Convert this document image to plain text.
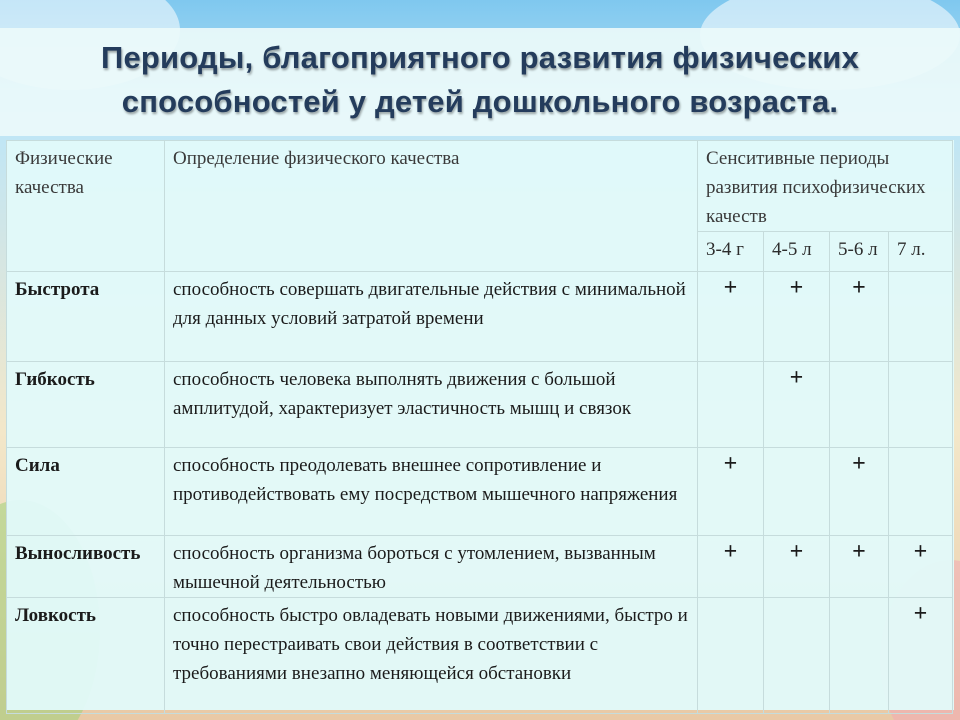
Периоды, благоприятного развития физических
способностей у детей дошкольного возраста.
Физические качества	Определение физического качества	Сенситивные периоды развития психофизических качеств			
		3-4 г	4-5 л	5-6 л	7 л.
Быстрота	способность совершать двигательные действия с минимальной для данных условий затратой времени	+	+	+	
Гибкость	способность человека выполнять движения с большой амплитудой, характеризует эластичность мышц и связок		+		
Сила	способность преодолевать внешнее сопротивление и противодействовать ему посредством мышечного напряжения	+		+	
Выносливость	способность организма бороться с утомлением, вызванным мышечной деятельностью	+	+	+	+
Ловкость	способность быстро овладевать новыми движениями, быстро и точно перестраивать свои действия в соответствии с требованиями внезапно меняющейся обстановки				+
